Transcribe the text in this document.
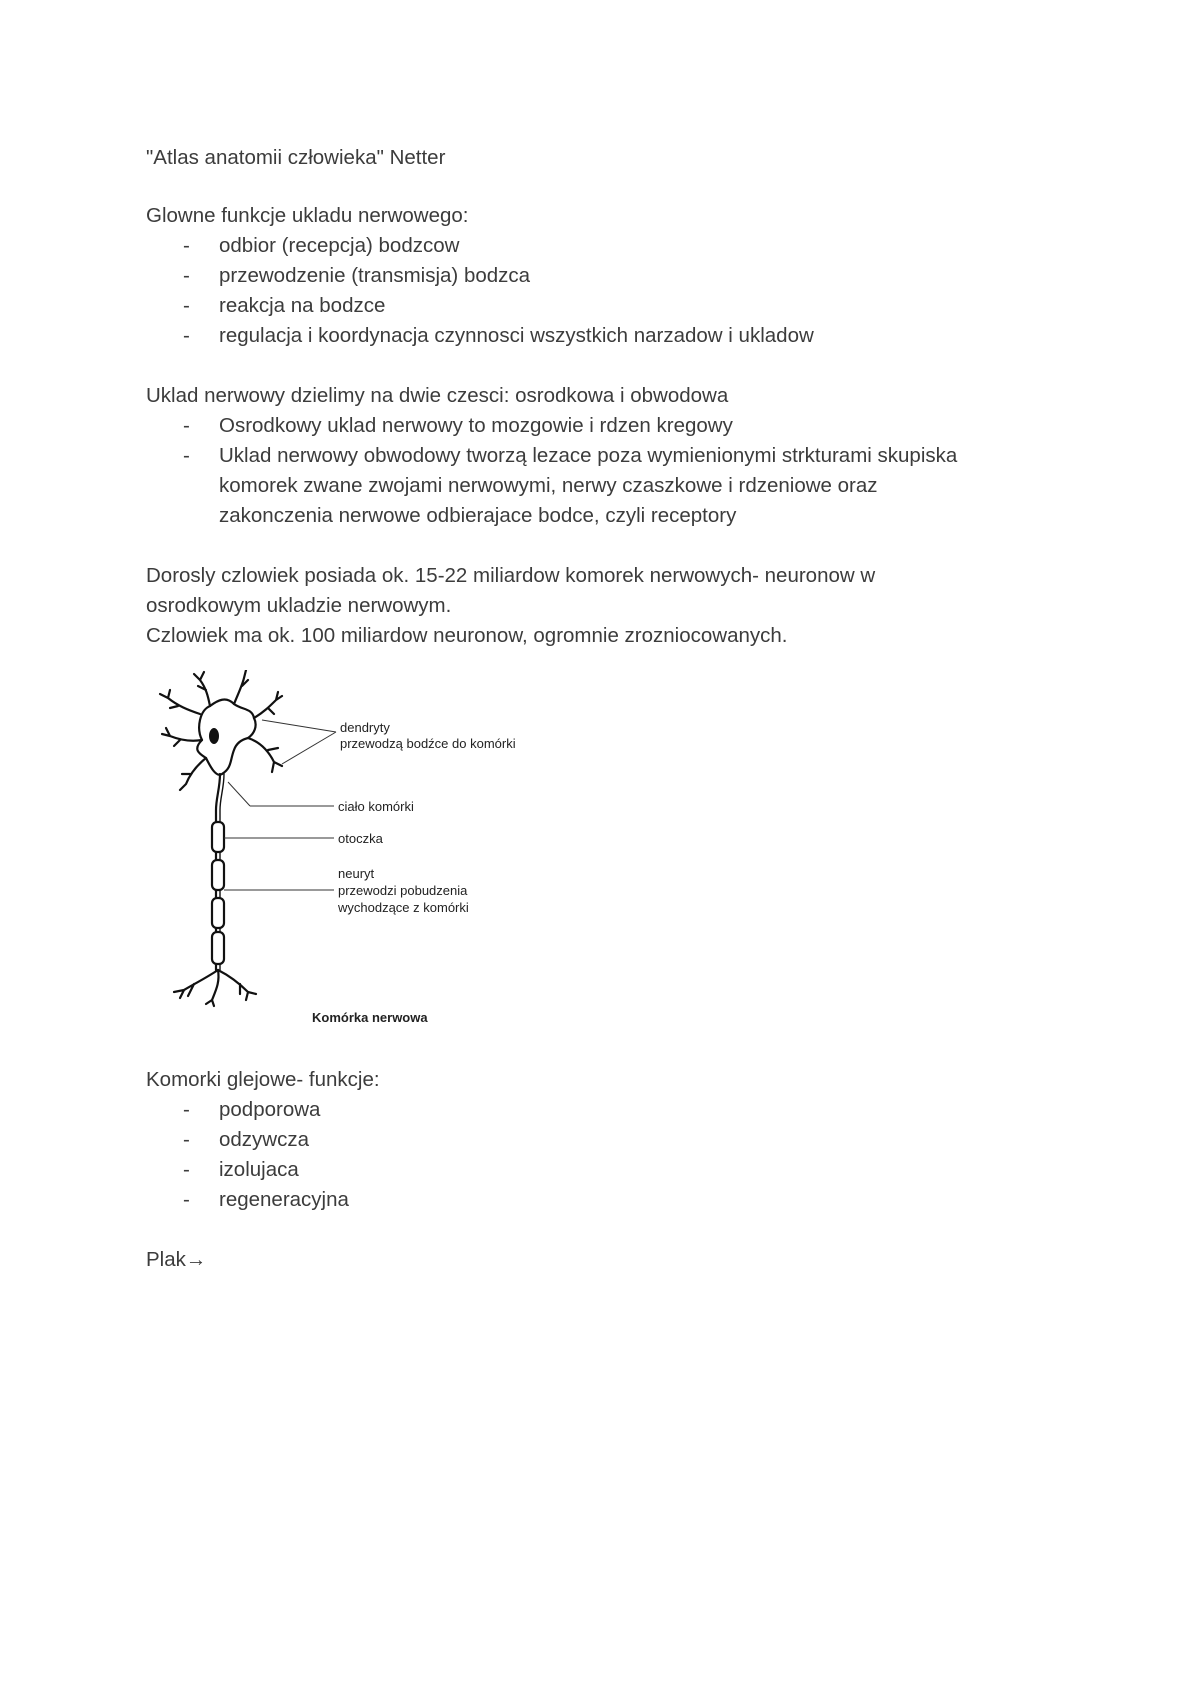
"Atlas anatomii człowieka" Netter
Glowne funkcje ukladu nerwowego:
- odbior (recepcja) bodzcow
- przewodzenie (transmisja) bodzca
- reakcja na bodzce
- regulacja i koordynacja czynnosci wszystkich narzadow i ukladow
Uklad nerwowy dzielimy na dwie czesci: osrodkowa i obwodowa
- Osrodkowy uklad nerwowy to mozgowie i rdzen kregowy
- Uklad nerwowy obwodowy tworzą lezace poza wymienionymi strkturami skupiska
komorek zwane zwojami nerwowymi, nerwy czaszkowe i rdzeniowe oraz
zakonczenia nerwowe odbierajace bodce, czyli receptory
Dorosly czlowiek posiada ok. 15-22 miliardow komorek nerwowych- neuronow w
osrodkowym ukladzie nerwowym.
Czlowiek ma ok. 100 miliardow neuronow, ogromnie zrozniocowanych.
dendryty
przewodzą bodźce do komórki
ciało komórki
otoczka
neuryt
przewodzi pobudzenia
wychodzące z komórki
Komórka nerwowa
Komorki glejowe- funkcje:
- podporowa
- odzywcza
- izolujaca
- regeneracyjna
Plak→
